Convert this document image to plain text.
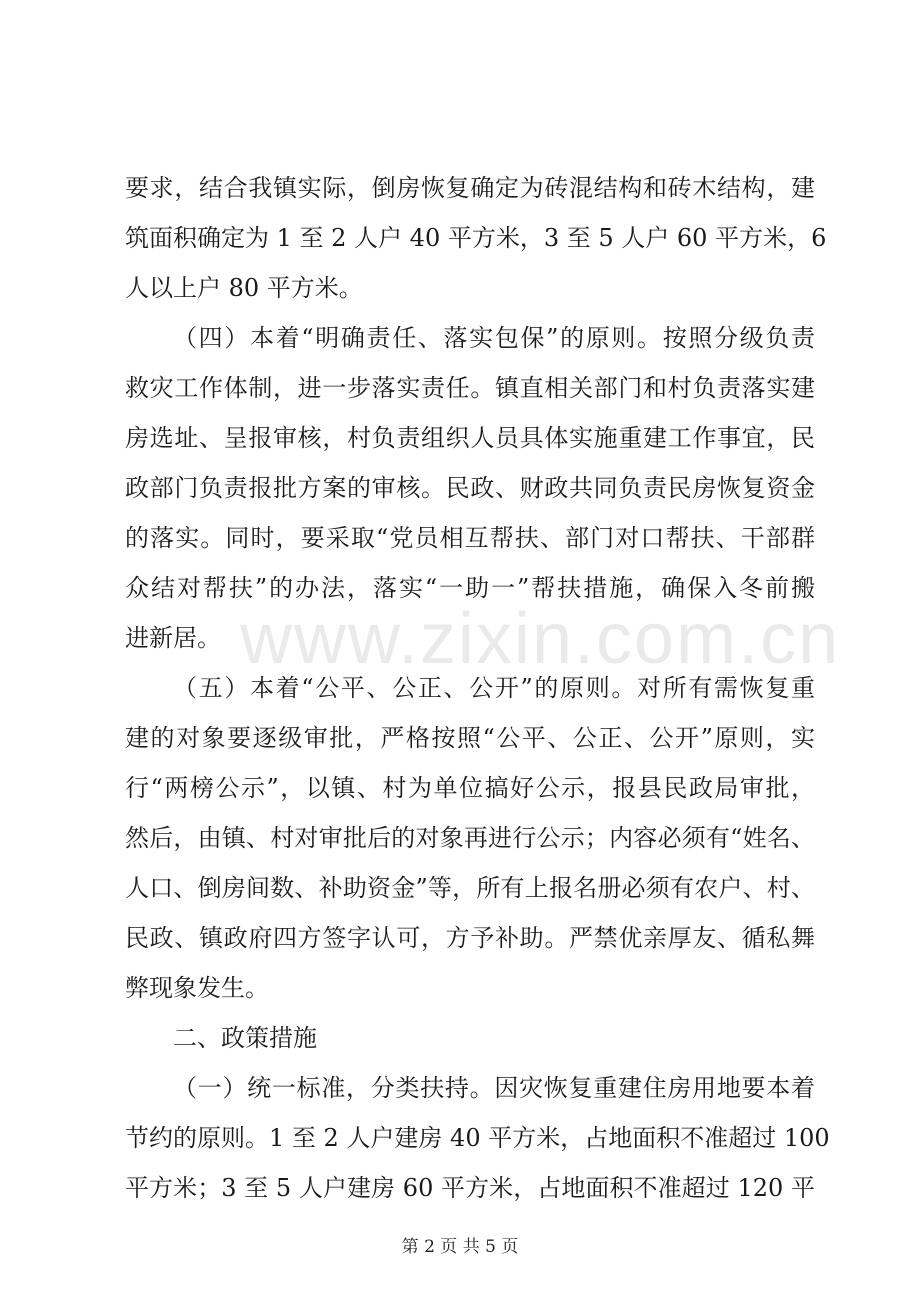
www.zixin.com.cn
要求，结合我镇实际，倒房恢复确定为砖混结构和砖木结构，建
筑面积确定为 1 至 2 人户 40 平方米，3 至 5 人户 60 平方米，6
人以上户 80 平方米。
（四）本着“明确责任、落实包保”的原则。按照分级负责
救灾工作体制，进一步落实责任。镇直相关部门和村负责落实建
房选址、呈报审核，村负责组织人员具体实施重建工作事宜，民
政部门负责报批方案的审核。民政、财政共同负责民房恢复资金
的落实。同时，要采取“党员相互帮扶、部门对口帮扶、干部群
众结对帮扶”的办法，落实“一助一”帮扶措施，确保入冬前搬
进新居。
（五）本着“公平、公正、公开”的原则。对所有需恢复重
建的对象要逐级审批，严格按照“公平、公正、公开”原则，实
行“两榜公示”，以镇、村为单位搞好公示，报县民政局审批，
然后，由镇、村对审批后的对象再进行公示；内容必须有“姓名、
人口、倒房间数、补助资金”等，所有上报名册必须有农户、村、
民政、镇政府四方签字认可，方予补助。严禁优亲厚友、循私舞
弊现象发生。
二、政策措施
（一）统一标准，分类扶持。因灾恢复重建住房用地要本着
节约的原则。1 至 2 人户建房 40 平方米，占地面积不准超过 100
平方米；3 至 5 人户建房 60 平方米，占地面积不准超过 120 平
第 2 页 共 5 页
